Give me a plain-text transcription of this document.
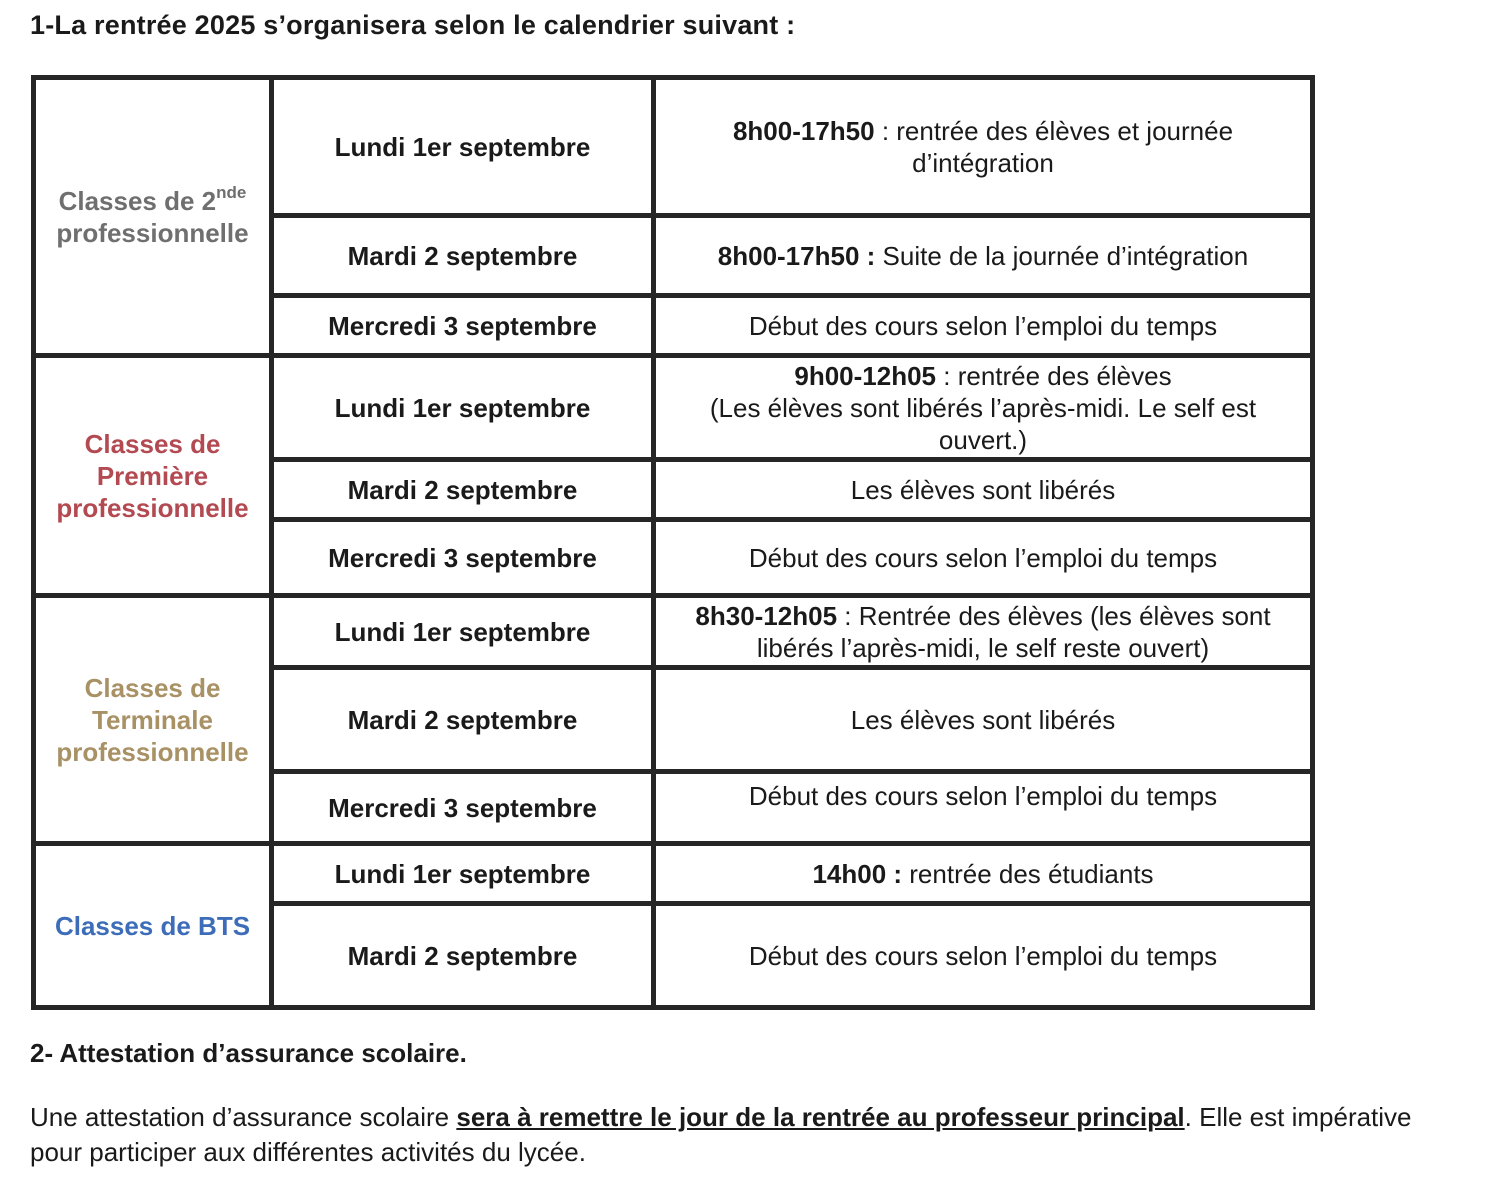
1-La rentrée 2025 s’organisera selon le calendrier suivant :
Classes de 2nde
professionnelle	Lundi 1er septembre	8h00-17h50 : rentrée des élèves et journée d’intégration
	Mardi 2 septembre	8h00-17h50 : Suite de la journée d’intégration
	Mercredi 3 septembre	Début des cours selon l’emploi du temps
Classes de Première professionnelle	Lundi 1er septembre	9h00-12h05 : rentrée des élèves
(Les élèves sont libérés l’après-midi. Le self est ouvert.)
	Mardi 2 septembre	Les élèves sont libérés
	Mercredi 3 septembre	Début des cours selon l’emploi du temps
Classes de Terminale professionnelle	Lundi 1er septembre	8h30-12h05 : Rentrée des élèves (les élèves sont libérés l’après-midi, le self reste ouvert)
	Mardi 2 septembre	Les élèves sont libérés
	Mercredi 3 septembre	Début des cours selon l’emploi du temps
Classes de BTS	Lundi 1er septembre	14h00 : rentrée des étudiants
	Mardi 2 septembre	Début des cours selon l’emploi du temps
2- Attestation d’assurance scolaire.
Une attestation d’assurance scolaire sera à remettre le jour de la rentrée au professeur principal. Elle est impérative pour participer aux différentes activités du lycée.
